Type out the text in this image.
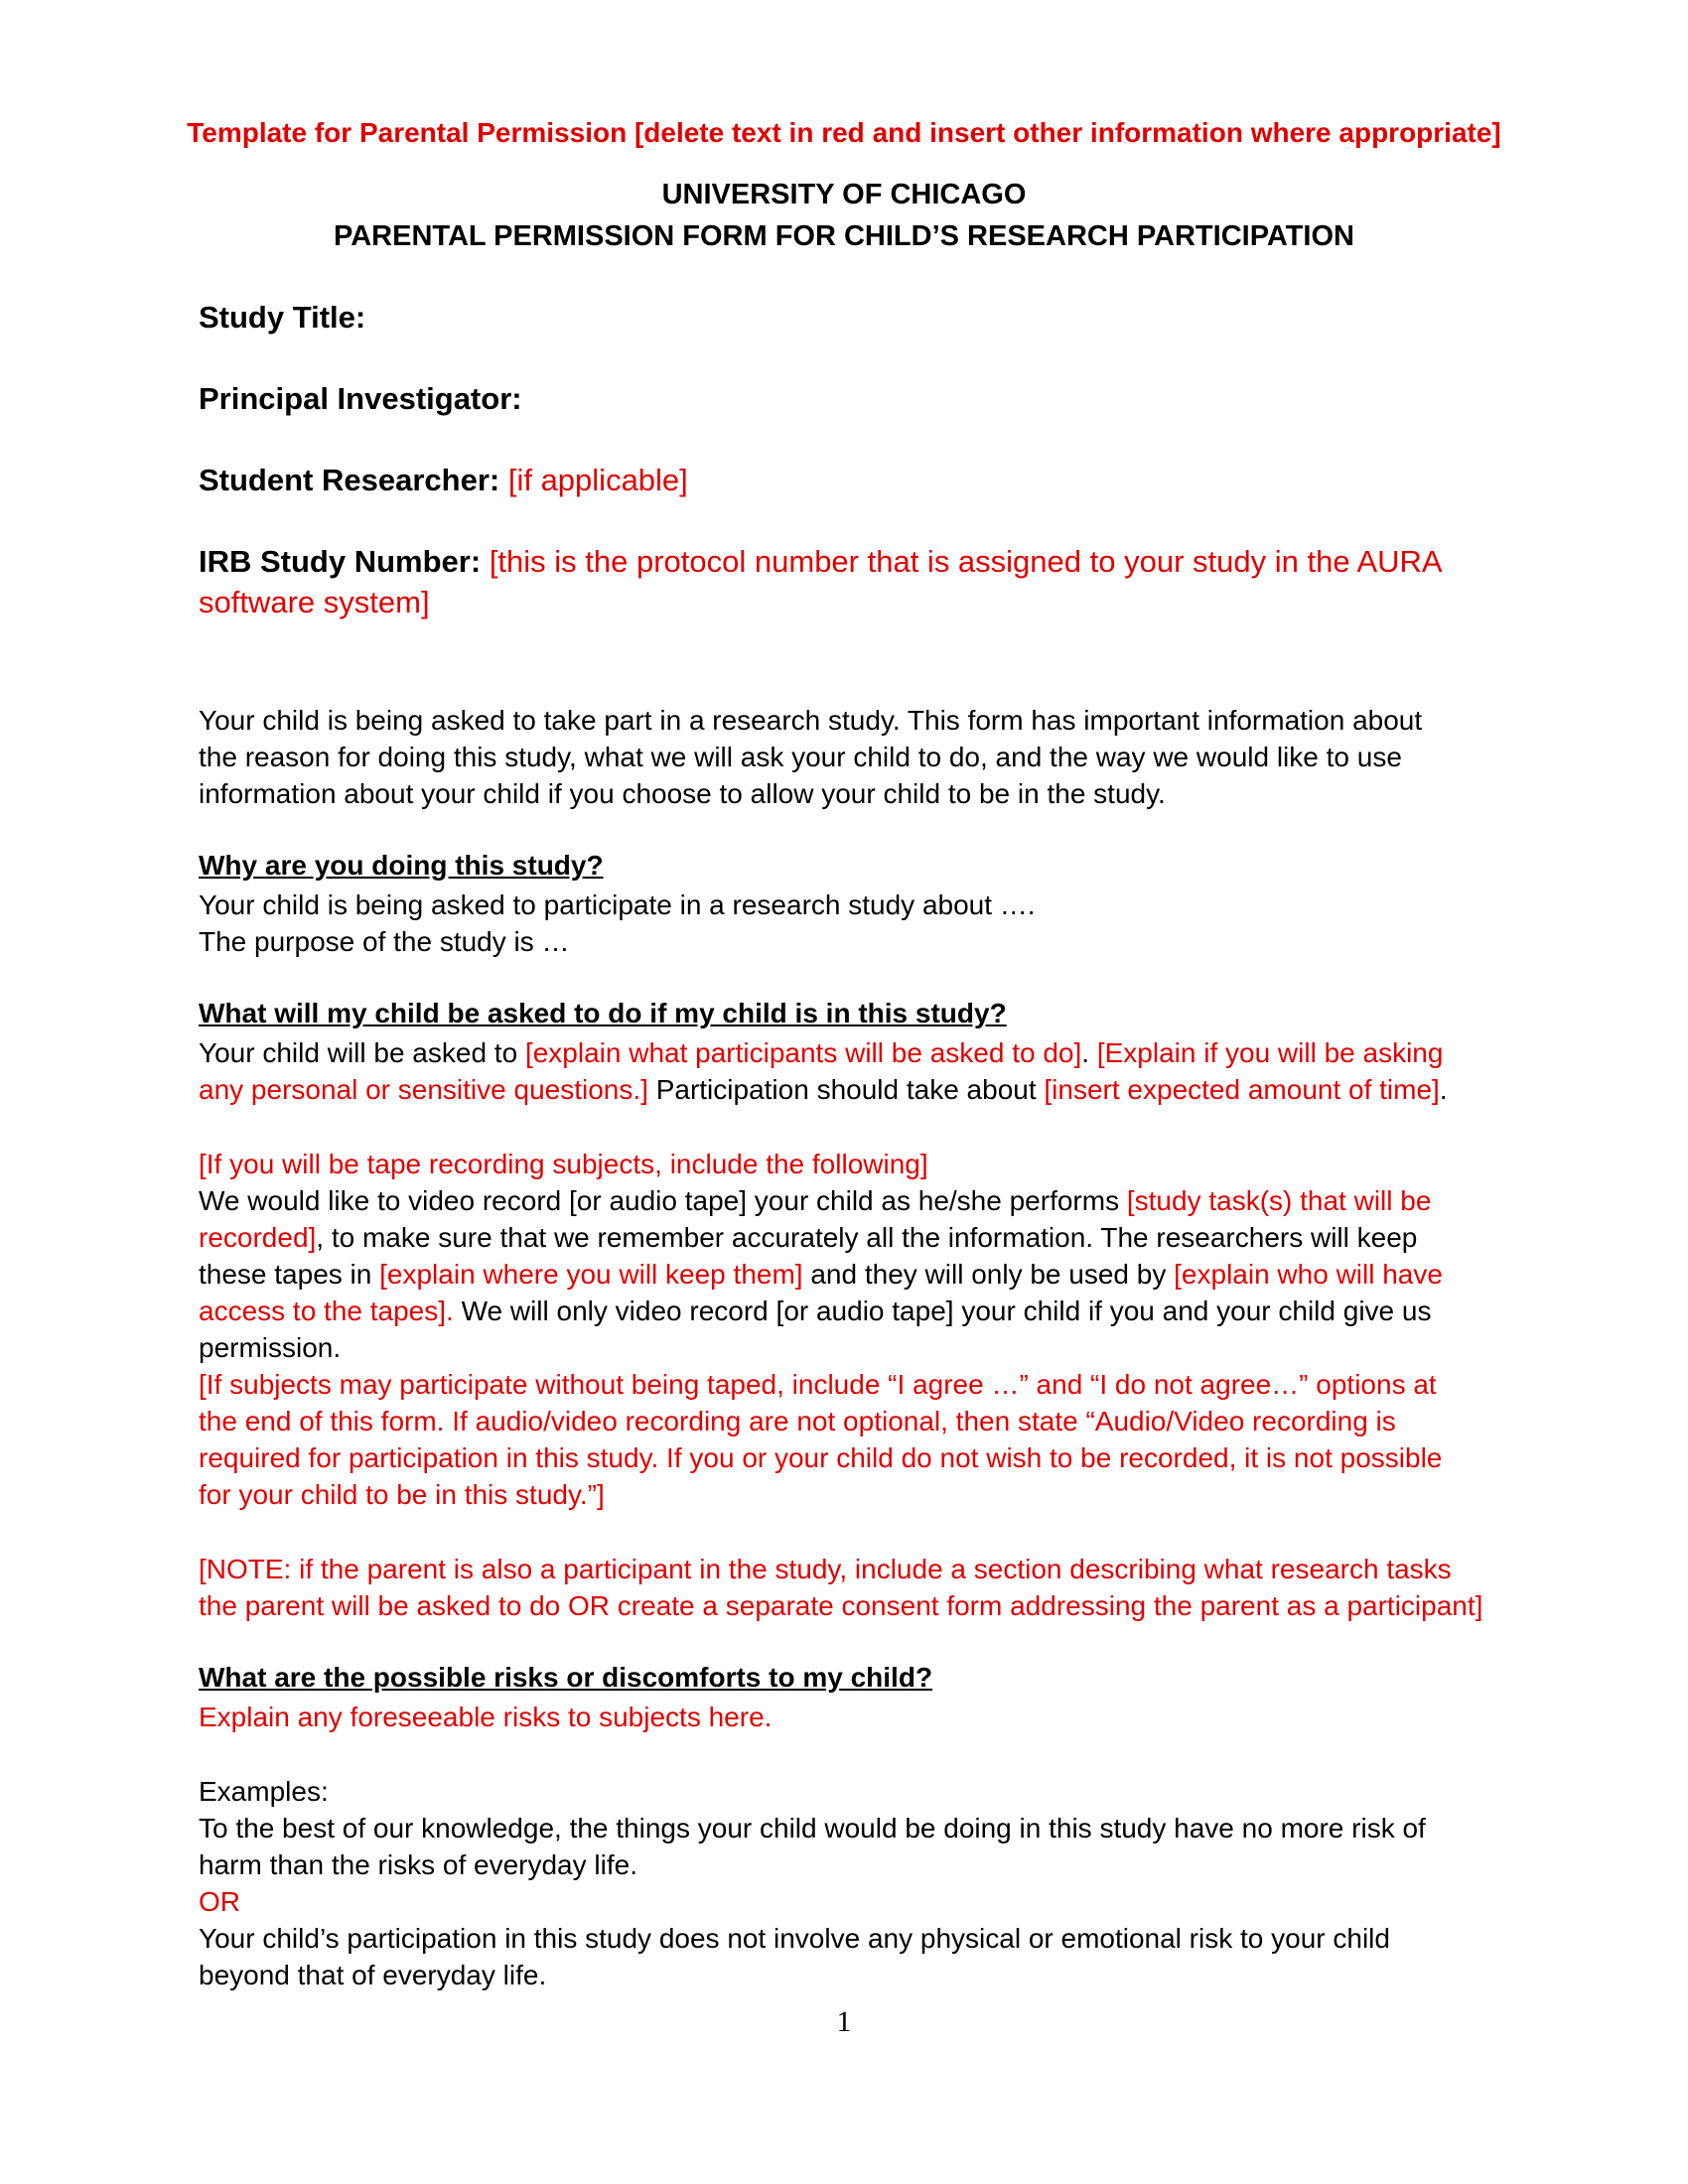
Template for Parental Permission [delete text in red and insert other information where appropriate]
UNIVERSITY OF CHICAGO
PARENTAL PERMISSION FORM FOR CHILD’S RESEARCH PARTICIPATION
Study Title:
Principal Investigator:
Student Researcher: [if applicable]
IRB Study Number: [this is the protocol number that is assigned to your study in the AURA
software system]
Your child is being asked to take part in a research study. This form has important information about
the reason for doing this study, what we will ask your child to do, and the way we would like to use
information about your child if you choose to allow your child to be in the study.
Why are you doing this study?
Your child is being asked to participate in a research study about ….
The purpose of the study is …
What will my child be asked to do if my child is in this study?
Your child will be asked to [explain what participants will be asked to do]. [Explain if you will be asking
any personal or sensitive questions.] Participation should take about [insert expected amount of time].
[If you will be tape recording subjects, include the following]
We would like to video record [or audio tape] your child as he/she performs [study task(s) that will be
recorded], to make sure that we remember accurately all the information. The researchers will keep
these tapes in [explain where you will keep them] and they will only be used by [explain who will have
access to the tapes]. We will only video record [or audio tape] your child if you and your child give us
permission.
[If subjects may participate without being taped, include “I agree …” and “I do not agree…” options at
the end of this form. If audio/video recording are not optional, then state “Audio/Video recording is
required for participation in this study. If you or your child do not wish to be recorded, it is not possible
for your child to be in this study.”]
[NOTE: if the parent is also a participant in the study, include a section describing what research tasks
the parent will be asked to do OR create a separate consent form addressing the parent as a participant]
What are the possible risks or discomforts to my child?
Explain any foreseeable risks to subjects here.
Examples:
To the best of our knowledge, the things your child would be doing in this study have no more risk of
harm than the risks of everyday life.
OR
Your child’s participation in this study does not involve any physical or emotional risk to your child
beyond that of everyday life.
1
